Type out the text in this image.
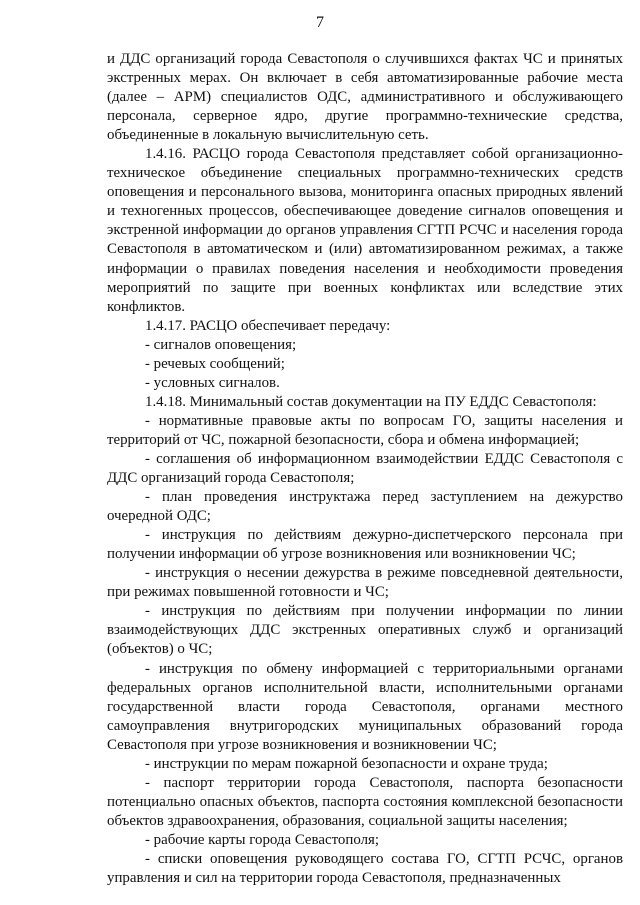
7

и ДДС организаций города Севастополя о случившихся фактах ЧС и принятых экстренных мерах. Он включает в себя автоматизированные рабочие места (далее – АРМ) специалистов ОДС, административного и обслуживающего персонала, серверное ядро, другие программно-технические средства, объединенные в локальную вычислительную сеть.

1.4.16. РАСЦО города Севастополя представляет собой организационно-техническое объединение специальных программно-технических средств оповещения и персонального вызова, мониторинга опасных природных явлений и техногенных процессов, обеспечивающее доведение сигналов оповещения и экстренной информации до органов управления СГТП РСЧС и населения города Севастополя в автоматическом и (или) автоматизированном режимах, а также информации о правилах поведения населения и необходимости проведения мероприятий по защите при военных конфликтах или вследствие этих конфликтов.

1.4.17. РАСЦО обеспечивает передачу:

- сигналов оповещения;

- речевых сообщений;

- условных сигналов.

1.4.18. Минимальный состав документации на ПУ ЕДДС Севастополя:

- нормативные правовые акты по вопросам ГО, защиты населения и территорий от ЧС, пожарной безопасности, сбора и обмена информацией;

- соглашения об информационном взаимодействии ЕДДС Севастополя с ДДС организаций города Севастополя;

- план проведения инструктажа перед заступлением на дежурство очередной ОДС;

- инструкция по действиям дежурно-диспетчерского персонала при получении информации об угрозе возникновения или возникновении ЧС;

- инструкция о несении дежурства в режиме повседневной деятельности, при режимах повышенной готовности и ЧС;

- инструкция по действиям при получении информации по линии взаимодействующих ДДС экстренных оперативных служб и организаций (объектов) о ЧС;

- инструкция по обмену информацией с территориальными органами федеральных органов исполнительной власти, исполнительными органами государственной власти города Севастополя, органами местного самоуправления внутригородских муниципальных образований города Севастополя при угрозе возникновения и возникновении ЧС;

- инструкции по мерам пожарной безопасности и охране труда;

- паспорт территории города Севастополя, паспорта безопасности потенциально опасных объектов, паспорта состояния комплексной безопасности объектов здравоохранения, образования, социальной защиты населения;

- рабочие карты города Севастополя;

- списки оповещения руководящего состава ГО, СГТП РСЧС, органов управления и сил на территории города Севастополя, предназначенных
